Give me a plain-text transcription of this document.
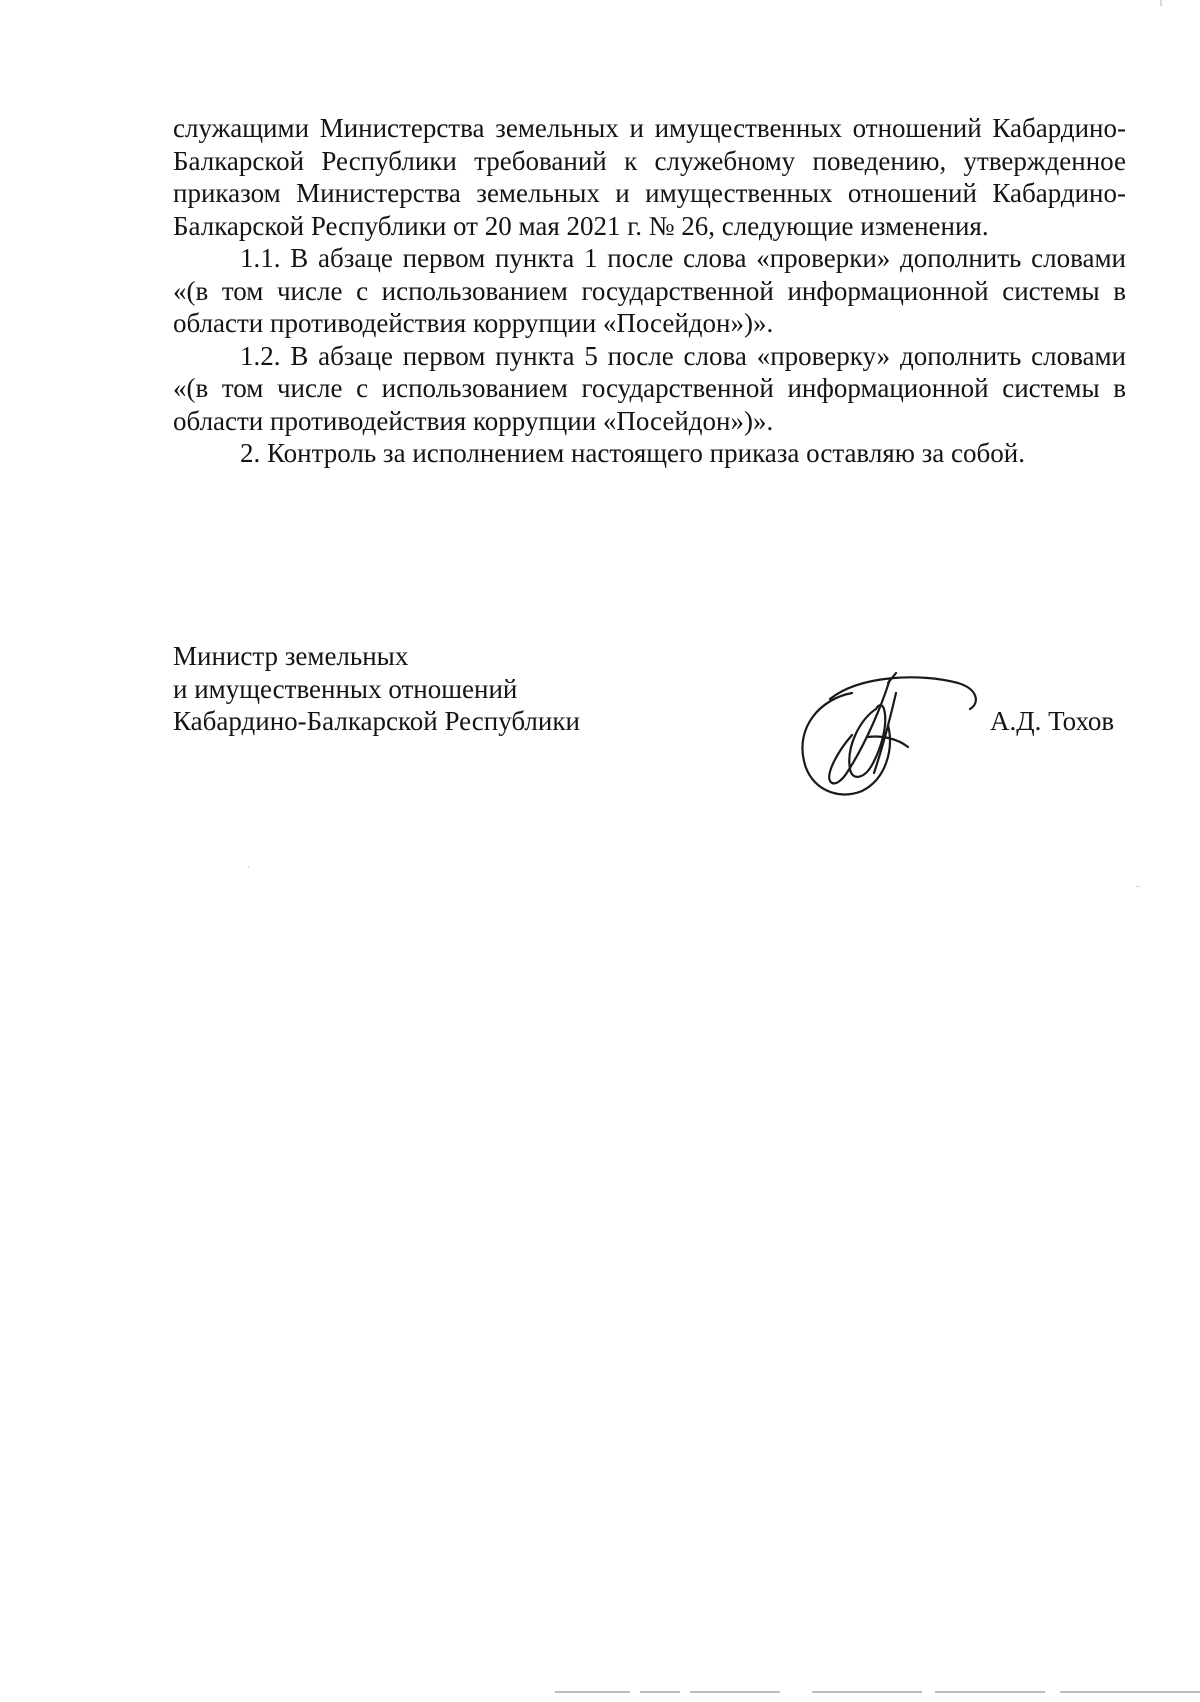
служащими Министерства земельных и имущественных отношений Кабардино-Балкарской Республики требований к служебному поведению, утвержденное приказом Министерства земельных и имущественных отношений Кабардино-Балкарской Республики от 20 мая 2021 г. № 26, следующие изменения.

1.1. В абзаце первом пункта 1 после слова «проверки» дополнить словами «(в том числе с использованием государственной информационной системы в области противодействия коррупции «Посейдон»)».

1.2. В абзаце первом пункта 5 после слова «проверку» дополнить словами «(в том числе с использованием государственной информационной системы в области противодействия коррупции «Посейдон»)».

2. Контроль за исполнением настоящего приказа оставляю за собой.

Министр земельных
и имущественных отношений
Кабардино-Балкарской Республики	А.Д. Тохов
